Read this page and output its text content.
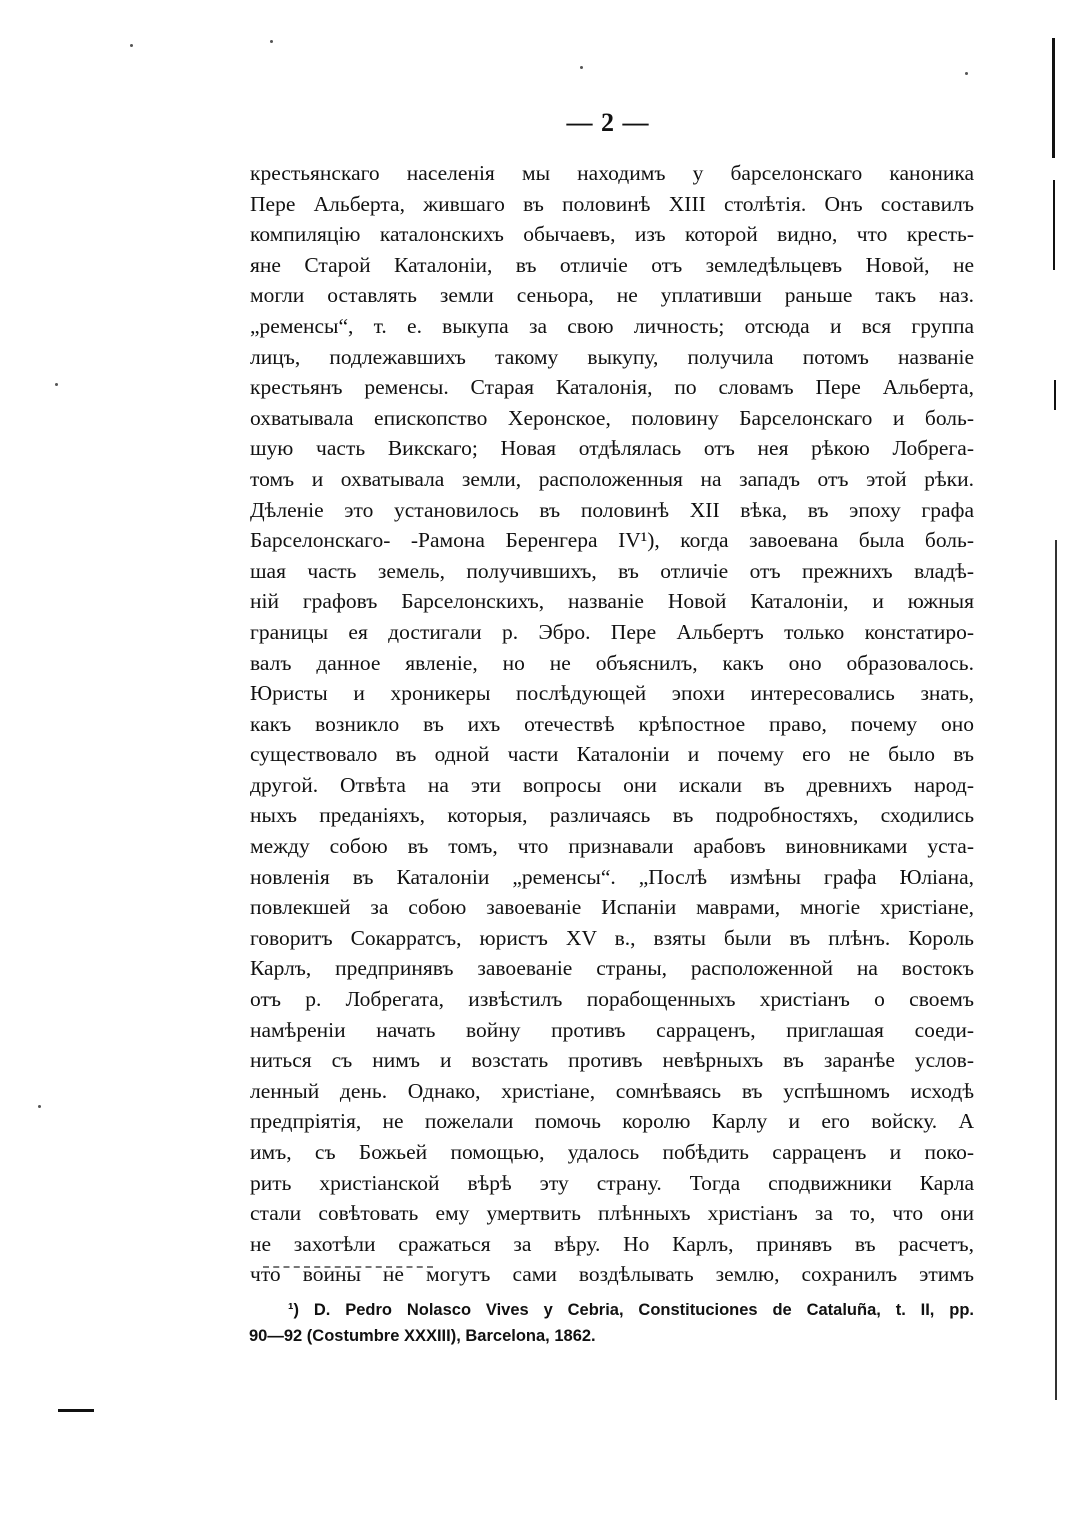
— 2 —
крестьянскаго населенія мы находимъ у барселонскаго каноника
Пере Альберта, жившаго въ половинѣ XIII столѣтія. Онъ составилъ
компиляцію каталонскихъ обычаевъ, изъ которой видно, что кресть-
яне Старой Каталоніи, въ отличіе отъ земледѣльцевъ Новой, не
могли оставлять земли сеньора, не уплативши раньше такъ наз.
„ременсы“, т. е. выкупа за свою личность; отсюда и вся группа
лицъ, подлежавшихъ такому выкупу, получила потомъ названіе
крестьянъ ременсы. Старая Каталонія, по словамъ Пере Альберта,
охватывала епископство Херонское, половину Барселонскаго и боль-
шую часть Викскаго; Новая отдѣлялась отъ нея рѣкою Лобрега-
томъ и охватывала земли, расположенныя на западъ отъ этой рѣки.
Дѣленіе это установилось въ половинѣ XII вѣка, въ эпоху графа
Барселонскаго- -Рамона Беренгера IV¹), когда завоевана была боль-
шая часть земель, получившихъ, въ отличіе отъ прежнихъ владѣ-
ній графовъ Барселонскихъ, названіе Новой Каталоніи, и южныя
границы ея достигали р. Эбро. Пере Альбертъ только констатиро-
валъ данное явленіе, но не объяснилъ, какъ оно образовалось.
Юристы и хроникеры послѣдующей эпохи интересовались знать,
какъ возникло въ ихъ отечествѣ крѣпостное право, почему оно
существовало въ одной части Каталоніи и почему его не было въ
другой. Отвѣта на эти вопросы они искали въ древнихъ народ-
ныхъ преданіяхъ, которыя, различаясь въ подробностяхъ, сходились
между собою въ томъ, что признавали арабовъ виновниками уста-
новленія въ Каталоніи „ременсы“. „Послѣ измѣны графа Юліана,
повлекшей за собою завоеваніе Испаніи маврами, многіе христіане,
говоритъ Сокарратсъ, юристъ XV в., взяты были въ плѣнъ. Король
Карлъ, предпринявъ завоеваніе страны, расположенной на востокъ
отъ р. Лобрегата, извѣстилъ порабощенныхъ христіанъ о своемъ
намѣреніи начать войну противъ сарраценъ, приглашая соеди-
ниться съ нимъ и возстать противъ невѣрныхъ въ заранѣе услов-
ленный день. Однако, христіане, сомнѣваясь въ успѣшномъ исходѣ
предпріятія, не пожелали помочь королю Карлу и его войску. А
имъ, съ Божьей помощью, удалось побѣдить сарраценъ и поко-
рить христіанской вѣрѣ эту страну. Тогда сподвижники Карла
стали совѣтовать ему умертвить плѣнныхъ христіанъ за то, что они
не захотѣли сражаться за вѣру. Но Карлъ, принявъ въ расчетъ,
что воины не могутъ сами воздѣлывать землю, сохранилъ этимъ
¹) D. Pedro Nolasco Vives y Cebria, Constituciones de Cataluña, t. II, pp.
90—92 (Costumbre XXXIII), Barcelona, 1862.
